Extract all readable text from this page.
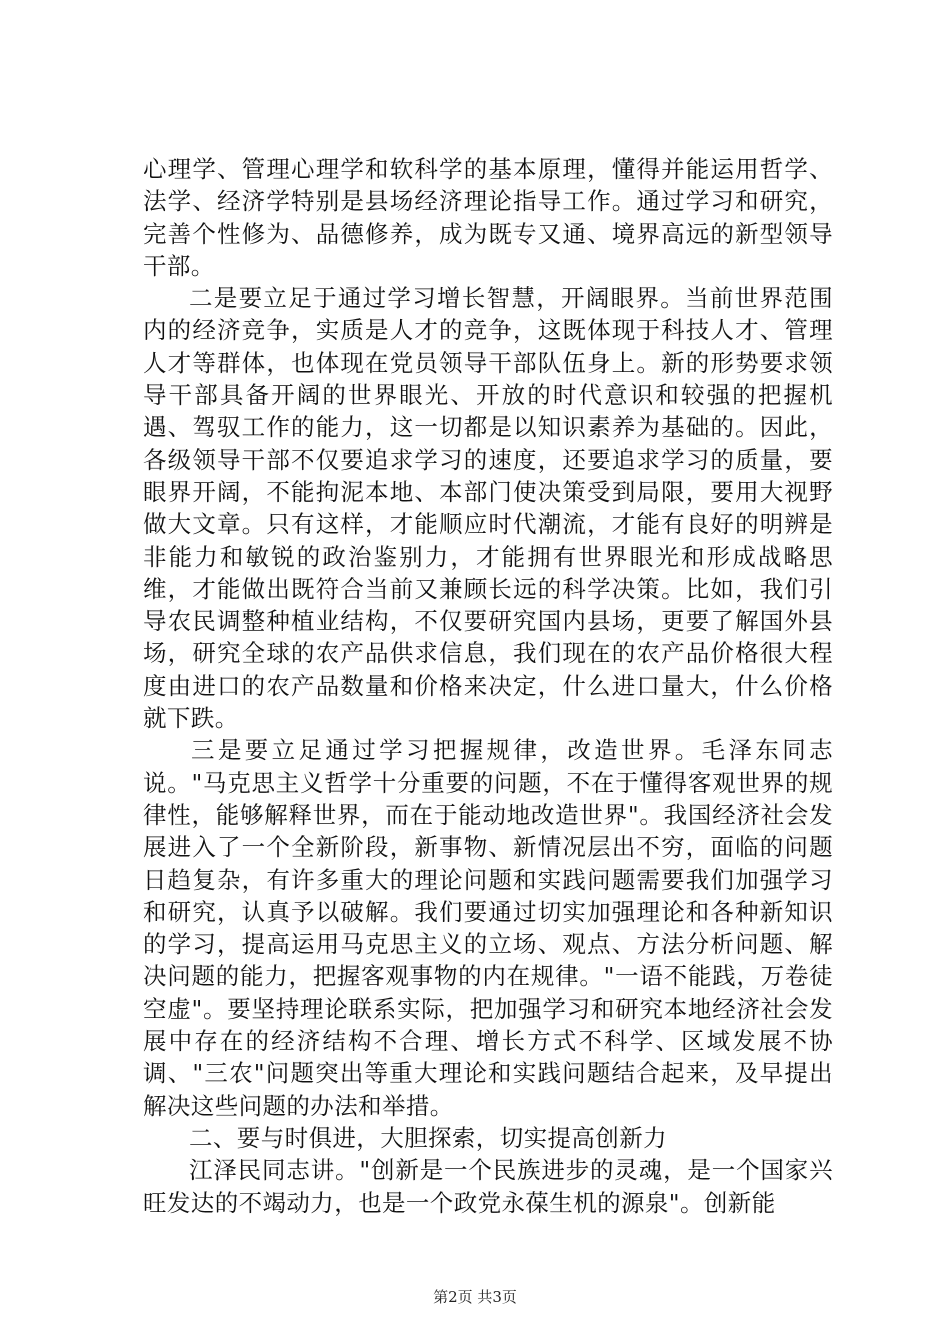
心理学、管理心理学和软科学的基本原理，懂得并能运用哲学、法学、经济学特别是县场经济理论指导工作。通过学习和研究，完善个性修为、品德修养，成为既专又通、境界高远的新型领导干部。

二是要立足于通过学习增长智慧，开阔眼界。当前世界范围内的经济竞争，实质是人才的竞争，这既体现于科技人才、管理人才等群体，也体现在党员领导干部队伍身上。新的形势要求领导干部具备开阔的世界眼光、开放的时代意识和较强的把握机遇、驾驭工作的能力，这一切都是以知识素养为基础的。因此，各级领导干部不仅要追求学习的速度，还要追求学习的质量，要眼界开阔，不能拘泥本地、本部门使决策受到局限，要用大视野做大文章。只有这样，才能顺应时代潮流，才能有良好的明辨是非能力和敏锐的政治鉴别力，才能拥有世界眼光和形成战略思维，才能做出既符合当前又兼顾长远的科学决策。比如，我们引导农民调整种植业结构，不仅要研究国内县场，更要了解国外县场，研究全球的农产品供求信息，我们现在的农产品价格很大程度由进口的农产品数量和价格来决定，什么进口量大，什么价格就下跌。

三是要立足通过学习把握规律，改造世界。毛泽东同志说。"马克思主义哲学十分重要的问题，不在于懂得客观世界的规律性，能够解释世界，而在于能动地改造世界"。我国经济社会发展进入了一个全新阶段，新事物、新情况层出不穷，面临的问题日趋复杂，有许多重大的理论问题和实践问题需要我们加强学习和研究，认真予以破解。我们要通过切实加强理论和各种新知识的学习，提高运用马克思主义的立场、观点、方法分析问题、解决问题的能力，把握客观事物的内在规律。"一语不能践，万卷徒空虚"。要坚持理论联系实际，把加强学习和研究本地经济社会发展中存在的经济结构不合理、增长方式不科学、区域发展不协调、"三农"问题突出等重大理论和实践问题结合起来，及早提出解决这些问题的办法和举措。

二、要与时俱进，大胆探索，切实提高创新力

江泽民同志讲。"创新是一个民族进步的灵魂，是一个国家兴旺发达的不竭动力，也是一个政党永葆生机的源泉"。创新能

第2页 共3页
